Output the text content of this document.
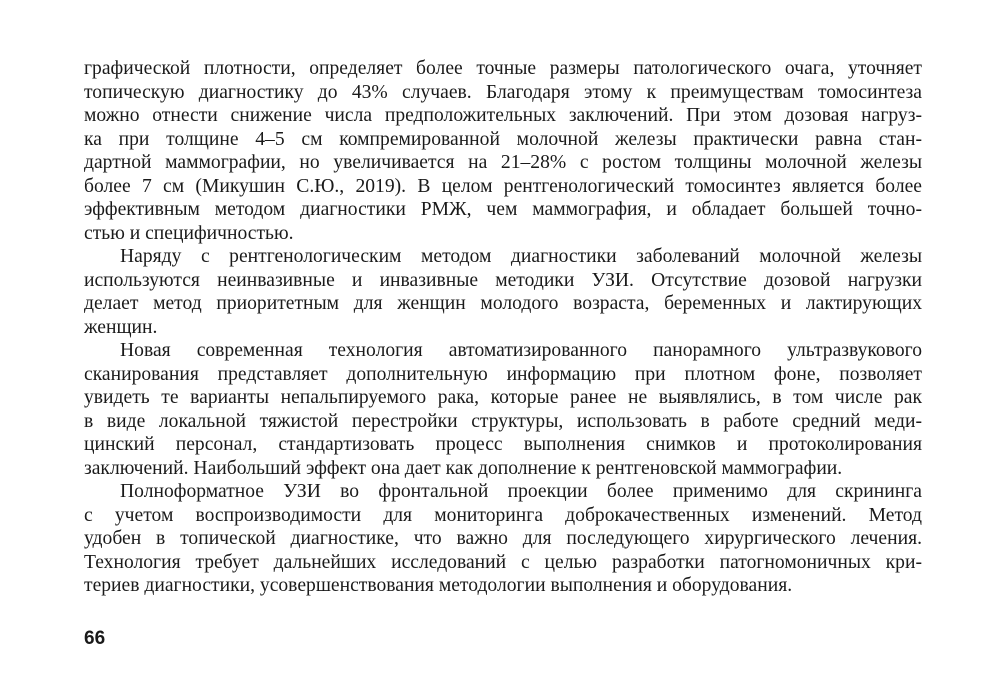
графической плотности, определяет более точные размеры патологического очага, уточняет
топическую диагностику до 43% случаев. Благодаря этому к преимуществам томосинтеза
можно отнести снижение числа предположительных заключений. При этом дозовая нагруз-
ка при толщине 4–5 см компремированной молочной железы практически равна стан-
дартной маммографии, но увеличивается на 21–28% с ростом толщины молочной железы
более 7 см (Микушин С.Ю., 2019). В целом рентгенологический томосинтез является более
эффективным методом диагностики РМЖ, чем маммография, и обладает большей точно-
стью и специфичностью.
Наряду с рентгенологическим методом диагностики заболеваний молочной железы
используются неинвазивные и инвазивные методики УЗИ. Отсутствие дозовой нагрузки
делает метод приоритетным для женщин молодого возраста, беременных и лактирующих
женщин.
Новая современная технология автоматизированного панорамного ультразвукового
сканирования представляет дополнительную информацию при плотном фоне, позволяет
увидеть те варианты непальпируемого рака, которые ранее не выявлялись, в том числе рак
в виде локальной тяжистой перестройки структуры, использовать в работе средний меди-
цинский персонал, стандартизовать процесс выполнения снимков и протоколирования
заключений. Наибольший эффект она дает как дополнение к рентгеновской маммографии.
Полноформатное УЗИ во фронтальной проекции более применимо для скрининга
с учетом воспроизводимости для мониторинга доброкачественных изменений. Метод
удобен в топической диагностике, что важно для последующего хирургического лечения.
Технология требует дальнейших исследований с целью разработки патогномоничных кри-
териев диагностики, усовершенствования методологии выполнения и оборудования.
66
